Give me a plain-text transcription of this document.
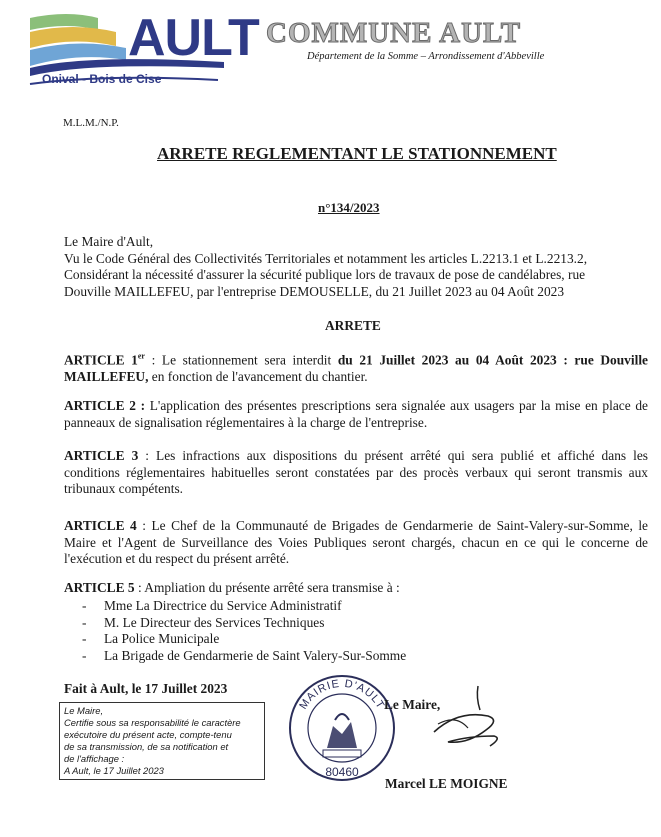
AULT
Onival - Bois de Cise
COMMUNE AULT
Département de la Somme – Arrondissement d'Abbeville
M.L.M./N.P.
ARRETE REGLEMENTANT LE STATIONNEMENT
n°134/2023
Le Maire d'Ault,
Vu le Code Général des Collectivités Territoriales et notamment les articles L.2213.1 et L.2213.2,
Considérant la nécessité d'assurer la sécurité publique lors de travaux de pose de candélabres, rue
Douville MAILLEFEU, par l'entreprise DEMOUSELLE, du 21 Juillet 2023 au 04 Août 2023
ARRETE
ARTICLE 1er : Le stationnement sera interdit du 21 Juillet 2023 au 04 Août 2023 : rue Douville MAILLEFEU, en fonction de l'avancement du chantier.
ARTICLE 2 : L'application des présentes prescriptions sera signalée aux usagers par la mise en place de panneaux de signalisation réglementaires à la charge de l'entreprise.
ARTICLE 3 : Les infractions aux dispositions du présent arrêté qui sera publié et affiché dans les conditions réglementaires habituelles seront constatées par des procès verbaux qui seront transmis aux tribunaux compétents.
ARTICLE 4 : Le Chef de la Communauté de Brigades de Gendarmerie de Saint-Valery-sur-Somme, le Maire et l'Agent de Surveillance des Voies Publiques seront chargés, chacun en ce qui le concerne de l'exécution et du respect du présent arrêté.
ARTICLE 5 : Ampliation du présente arrêté sera transmise à :
- Mme La Directrice du Service Administratif
- M. Le Directeur des Services Techniques
- La Police Municipale
- La Brigade de Gendarmerie de Saint Valery-Sur-Somme
Fait à Ault, le 17 Juillet 2023
Le Maire,
Certifie sous sa responsabilité le caractère
exécutoire du présent acte, compte-tenu
de sa transmission, de sa notification et
de l'affichage :
A Ault, le 17 Juillet 2023
MAIRIE D'AULT
80460
Le Maire,
Marcel LE MOIGNE
